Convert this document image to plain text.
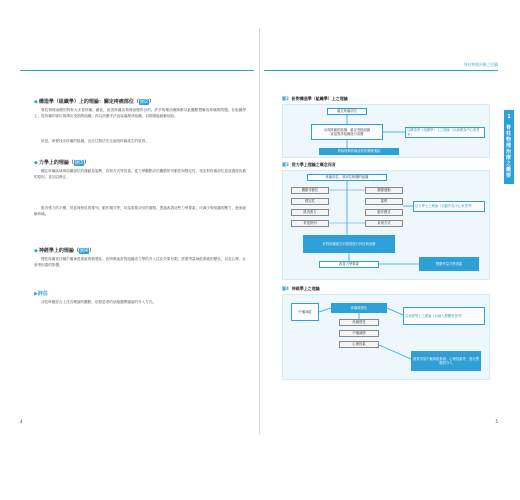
◆構造學（組織學）上的理論：關定疼痛部位（圖2）

脊柱物理治療的對象大多是疼痛。藉此，改善疼痛為物理治療的目的。許多物理治療師都以此觀點想解決疼痛的問題。在組織學上，從疼痛的部位推測出受損的組織，再以治療手法直接處理該組織，以期望能緩解症狀。

但是，即使找出疼痛的組織，也往往無法完全說明疼痛產生的原因。

◆力學上的理論（圖3）

關注疼痛區域與周圍部位的運動及姿勢、負荷方式等因素。從力學觀點評估關節的可動性與穩定性，找出對疼痛部位造成過度負擔的原因，並加以修正。

肌肉張力的平衡、骨盆與脊柱的排列、動作模式等，均為需要評估的重點。透過改善這些力學要素，可減少對組織的壓力，進而緩解疼痛。

◆神經學上的理論（圖4）

慢性疼痛常伴隨中樞神經系統的敏感化。此時單純針對組織或力學的介入往往效果有限，需要考量神經系統的變化，以及心理、社會等因素的影響。

▶評估

評估時應綜合上述各理論的觀點，依照患者的狀態選擇適當的介入方式。

4
脊柱物理治療之回顧
1
脊柱物理治療之概要
圖2 針對構造學（組織學）上之理論
確定疼痛部位
出現疼痛的組織：確定受損組織
直接對該組織進行治療
以構造學（組織學）上之理論（以病理為中心來思考）
將病理與疼痛症狀的關係連結
圖3 從力學上理論之概念而言
疼痛部位、該部位相關的組織
關節可動性
穩定性
肌肉張力
骨盆排列
關節運動
姿勢
動作模式
負荷方式
以力學上之理論（以動作為中心來思考）
針對疼痛產生的原因進行評估與治療
改善力學要素	整體考量力學因素
圖4 神經學上之理論
中樞神經
疼痛敏感化
疼痛感受
中樞調節
心理因素
以神經學上之理論（以病人整體來思考）
需要考量中樞神經系統、心理因素等，進行整體的介入
5
